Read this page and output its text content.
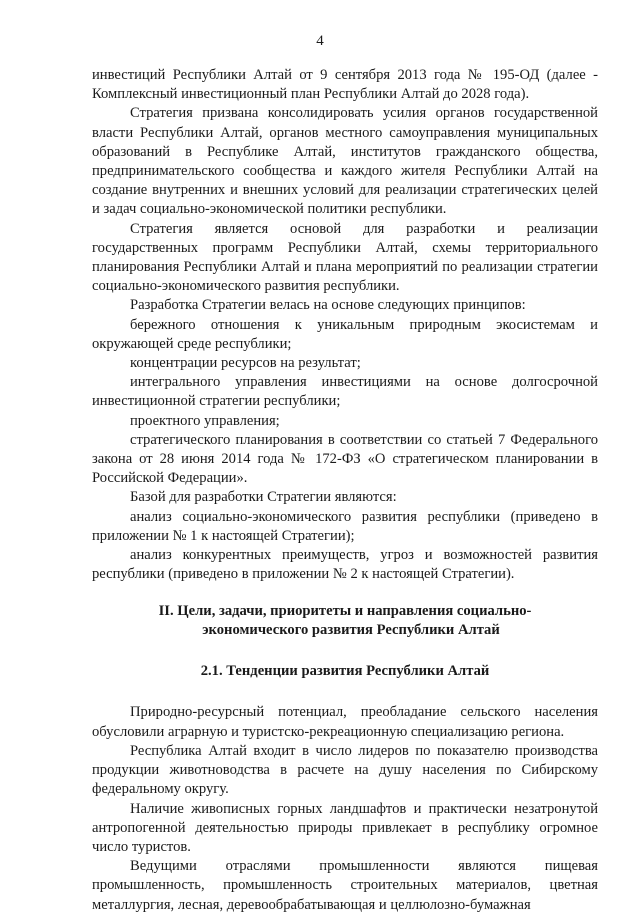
4

инвестиций Республики Алтай от 9 сентября 2013 года № 195-ОД (далее - Комплексный инвестиционный план Республики Алтай до 2028 года).

Стратегия призвана консолидировать усилия органов государственной власти Республики Алтай, органов местного самоуправления муниципальных образований в Республике Алтай, институтов гражданского общества, предпринимательского сообщества и каждого жителя Республики Алтай на создание внутренних и внешних условий для реализации стратегических целей и задач социально-экономической политики республики.

Стратегия является основой для разработки и реализации государственных программ Республики Алтай, схемы территориального планирования Республики Алтай и плана мероприятий по реализации стратегии социально-экономического развития республики.

Разработка Стратегии велась на основе следующих принципов:

бережного отношения к уникальным природным экосистемам и окружающей среде республики;

концентрации ресурсов на результат;

интегрального управления инвестициями на основе долгосрочной инвестиционной стратегии республики;

проектного управления;

стратегического планирования в соответствии со статьей 7 Федерального закона от 28 июня 2014 года № 172-ФЗ «О стратегическом планировании в Российской Федерации».

Базой для разработки Стратегии являются:

анализ социально-экономического развития республики (приведено в приложении № 1 к настоящей Стратегии);

анализ конкурентных преимуществ, угроз и возможностей развития республики (приведено в приложении № 2 к настоящей Стратегии).

II. Цели, задачи, приоритеты и направления социально-
экономического развития Республики Алтай
2.1. Тенденции развития Республики Алтай

Природно-ресурсный потенциал, преобладание сельского населения обусловили аграрную и туристско-рекреационную специализацию региона.

Республика Алтай входит в число лидеров по показателю производства продукции животноводства в расчете на душу населения по Сибирскому федеральному округу.

Наличие живописных горных ландшафтов и практически незатронутой антропогенной деятельностью природы привлекает в республику огромное число туристов.

Ведущими отраслями промышленности являются пищевая промышленность, промышленность строительных материалов, цветная металлургия, лесная, деревообрабатывающая и целлюлозно-бумажная
